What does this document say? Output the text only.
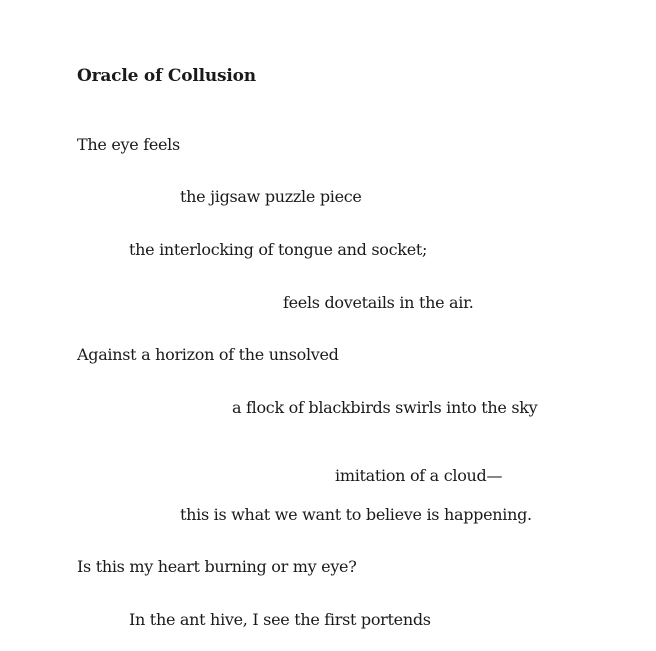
Oracle of Collusion
The eye feels
the jigsaw puzzle piece
the interlocking of tongue and socket;
feels dovetails in the air.
Against a horizon of the unsolved
a flock of blackbirds swirls into the sky
imitation of a cloud—
this is what we want to believe is happening.
Is this my heart burning or my eye?
In the ant hive, I see the first portends
